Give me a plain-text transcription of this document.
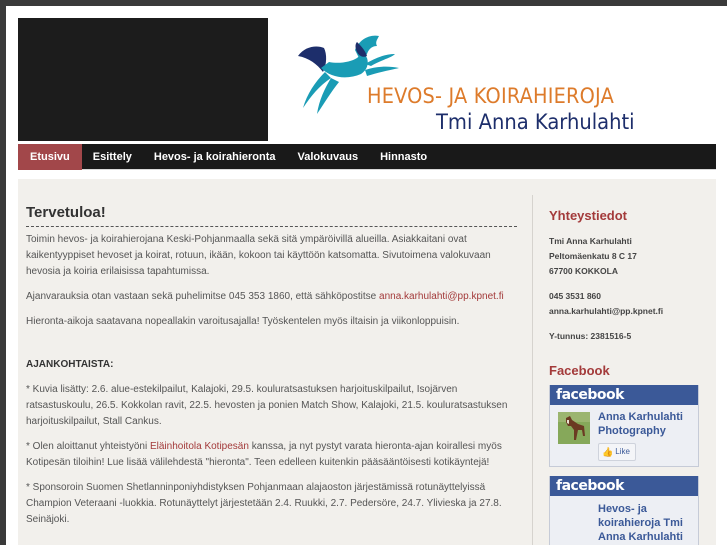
HEVOS- JA KOIRAHIEROJA
Tmi Anna Karhulahti
Etusivu	Esittely	Hevos- ja koirahieronta	Valokuvaus	Hinnasto
Tervetuloa!

Toimin hevos- ja koirahierojana Keski-Pohjanmaalla sekä sitä ympäröivillä alueilla. Asiakkaitani ovat kaikentyyppiset hevoset ja koirat, rotuun, ikään, kokoon tai käyttöön katsomatta. Sivutoimena valokuvaan hevosia ja koiria erilaisissa tapahtumissa.

Ajanvarauksia otan vastaan sekä puhelimitse 045 353 1860, että sähköpostitse anna.karhulahti@pp.kpnet.fi

Hieronta-aikoja saatavana nopeallakin varoitusajalla! Työskentelen myös iltaisin ja viikonloppuisin.

AJANKOHTAISTA:

* Kuvia lisätty: 2.6. alue-estekilpailut, Kalajoki, 29.5. kouluratsastuksen harjoituskilpailut, Isojärven ratsastuskoulu, 26.5. Kokkolan ravit, 22.5. hevosten ja ponien Match Show, Kalajoki, 21.5. kouluratsastuksen harjoituskilpailut, Stall Cankus.

* Olen aloittanut yhteistyöni Eläinhoitola Kotipesän kanssa, ja nyt pystyt varata hieronta-ajan koirallesi myös Kotipesän tiloihin! Lue lisää välilehdestä "hieronta". Teen edelleen kuitenkin pääsääntöisesti kotikäyntejä!

* Sponsoroin Suomen Shetlanninponiyhdistyksen Pohjanmaan alajaoston järjestämissä rotunäyttelyissä Champion Veteraani -luokkia. Rotunäyttelyt järjestetään 2.4. Ruukki, 2.7. Pedersöre, 24.7. Ylivieska ja 27.8. Seinäjoki.

Yhteystiedot
Tmi Anna Karhulahti
Peltomäenkatu 8 C 17
67700 KOKKOLA
045 3531 860
anna.karhulahti@pp.kpnet.fi
Y-tunnus: 2381516-5
Facebook
facebook
Anna Karhulahti Photography
👍 Like
facebook
Hevos- ja koirahieroja Tmi Anna Karhulahti
